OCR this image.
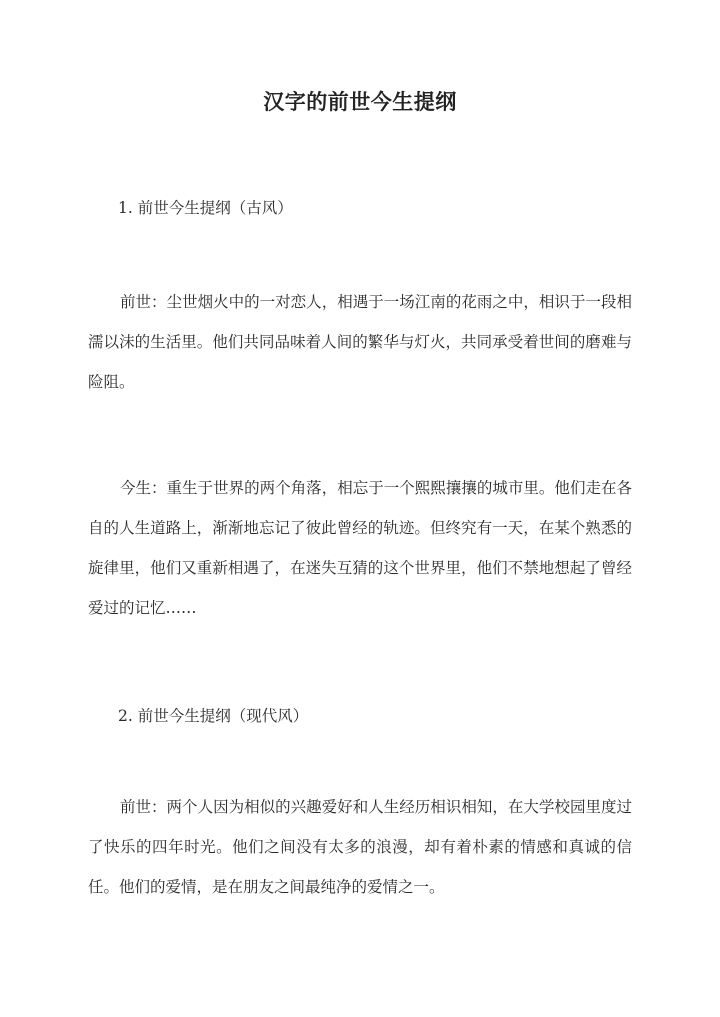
汉字的前世今生提纲
1. 前世今生提纲（古风）
前世：尘世烟火中的一对恋人，相遇于一场江南的花雨之中，相识于一段相濡以沫的生活里。他们共同品味着人间的繁华与灯火，共同承受着世间的磨难与险阻。
今生：重生于世界的两个角落，相忘于一个熙熙攘攘的城市里。他们走在各自的人生道路上，渐渐地忘记了彼此曾经的轨迹。但终究有一天，在某个熟悉的旋律里，他们又重新相遇了，在迷失互猜的这个世界里，他们不禁地想起了曾经爱过的记忆……
2. 前世今生提纲（现代风）
前世：两个人因为相似的兴趣爱好和人生经历相识相知，在大学校园里度过了快乐的四年时光。他们之间没有太多的浪漫，却有着朴素的情感和真诚的信任。他们的爱情，是在朋友之间最纯净的爱情之一。
